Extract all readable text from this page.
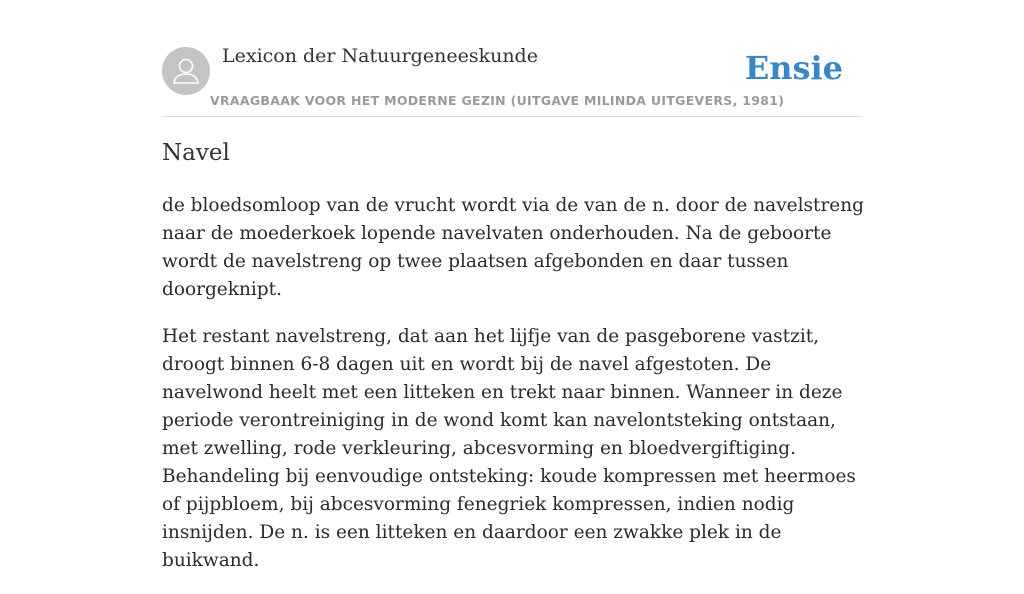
Lexicon der Natuurgeneeskunde
VRAAGBAAK VOOR HET MODERNE GEZIN (UITGAVE MILINDA UITGEVERS, 1981)
Ensie
Navel

de bloedsomloop van de vrucht wordt via de van de n. door de navelstreng naar de moederkoek lopende navelvaten onderhouden. Na de geboorte wordt de navelstreng op twee plaatsen afgebonden en daar tussen doorgeknipt.

Het restant navelstreng, dat aan het lijfje van de pasgeborene vastzit, droogt binnen 6-8 dagen uit en wordt bij de navel afgestoten. De navelwond heelt met een litteken en trekt naar binnen. Wanneer in deze periode verontreiniging in de wond komt kan navelontsteking ontstaan, met zwelling, rode verkleuring, abcesvorming en bloedvergiftiging. Behandeling bij eenvoudige ontsteking: koude kompressen met heermoes of pijpbloem, bij abcesvorming fenegriek kompressen, indien nodig insnijden. De n. is een litteken en daardoor een zwakke plek in de buikwand.
